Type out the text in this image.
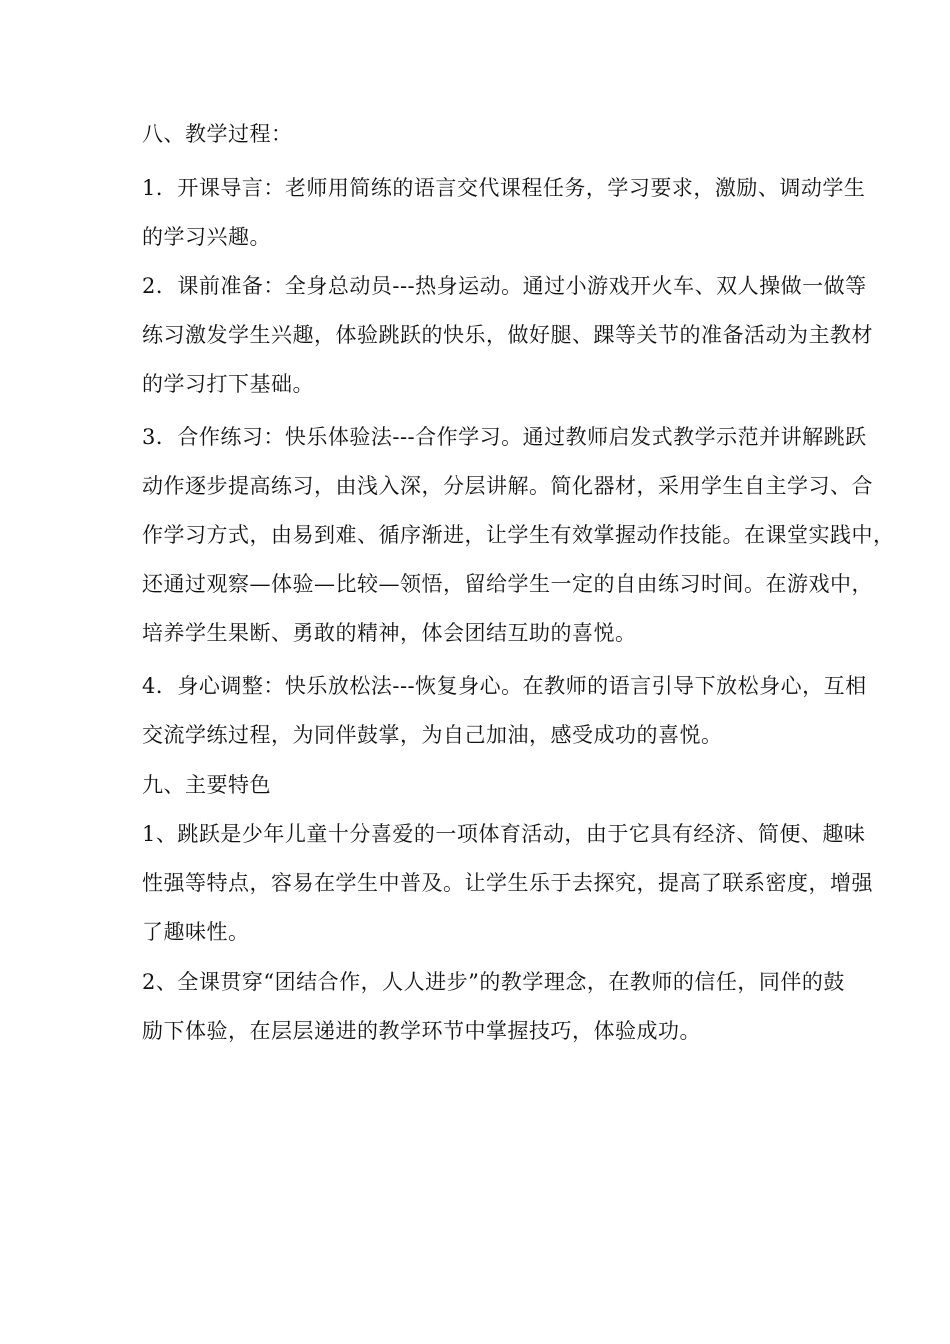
八、教学过程：
1．开课导言：老师用简练的语言交代课程任务，学习要求，激励、调动学生
的学习兴趣。
2．课前准备：全身总动员---热身运动。通过小游戏开火车、双人操做一做等
练习激发学生兴趣，体验跳跃的快乐，做好腿、踝等关节的准备活动为主教材
的学习打下基础。
3．合作练习：快乐体验法---合作学习。通过教师启发式教学示范并讲解跳跃
动作逐步提高练习，由浅入深，分层讲解。简化器材，采用学生自主学习、合
作学习方式，由易到难、循序渐进，让学生有效掌握动作技能。在课堂实践中，
还通过观察—体验—比较—领悟，留给学生一定的自由练习时间。在游戏中，
培养学生果断、勇敢的精神，体会团结互助的喜悦。
4．身心调整：快乐放松法---恢复身心。在教师的语言引导下放松身心，互相
交流学练过程，为同伴鼓掌，为自己加油，感受成功的喜悦。
九、主要特色
1、跳跃是少年儿童十分喜爱的一项体育活动，由于它具有经济、简便、趣味
性强等特点，容易在学生中普及。让学生乐于去探究，提高了联系密度，增强
了趣味性。
2、全课贯穿“团结合作，人人进步”的教学理念，在教师的信任，同伴的鼓
励下体验，在层层递进的教学环节中掌握技巧，体验成功。
